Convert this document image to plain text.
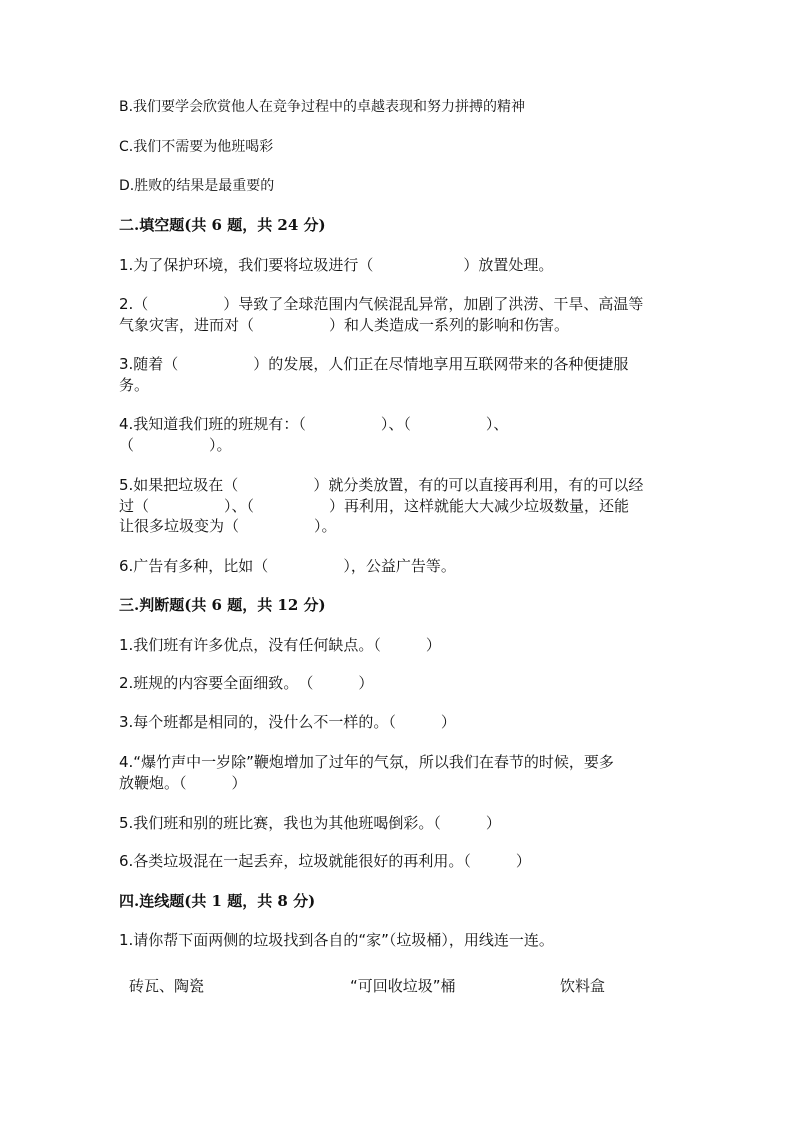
B.我们要学会欣赏他人在竞争过程中的卓越表现和努力拼搏的精神
C.我们不需要为他班喝彩
D.胜败的结果是最重要的
二.填空题(共 6 题，共 24 分)
1.为了保护环境，我们要将垃圾进行（　　　　　　）放置处理。
2.（　　　　　）导致了全球范围内气候混乱异常，加剧了洪涝、干旱、高温等
气象灾害，进而对（　　　　　）和人类造成一系列的影响和伤害。
3.随着（　　　　　）的发展，人们正在尽情地享用互联网带来的各种便捷服
务。
4.我知道我们班的班规有：（　　　　　）、（　　　　　）、
（　　　　　）。
5.如果把垃圾在（　　　　　）就分类放置，有的可以直接再利用，有的可以经
过（　　　　　）、（　　　　　）再利用，这样就能大大减少垃圾数量，还能
让很多垃圾变为（　　　　　）。
6.广告有多种，比如（　　　　　），公益广告等。
三.判断题(共 6 题，共 12 分)
1.我们班有许多优点，没有任何缺点。（　　　）
2.班规的内容要全面细致。　（　　　）
3.每个班都是相同的，没什么不一样的。（　　　）
4.“爆竹声中一岁除”鞭炮增加了过年的气氛，所以我们在春节的时候，要多
放鞭炮。（　　　）
5.我们班和别的班比赛，我也为其他班喝倒彩。（　　　）
6.各类垃圾混在一起丢弃，垃圾就能很好的再利用。（　　　）
四.连线题(共 1 题，共 8 分)
1.请你帮下面两侧的垃圾找到各自的“家”（垃圾桶），用线连一连。
砖瓦、陶瓷	“可回收垃圾”桶	饮料盒
